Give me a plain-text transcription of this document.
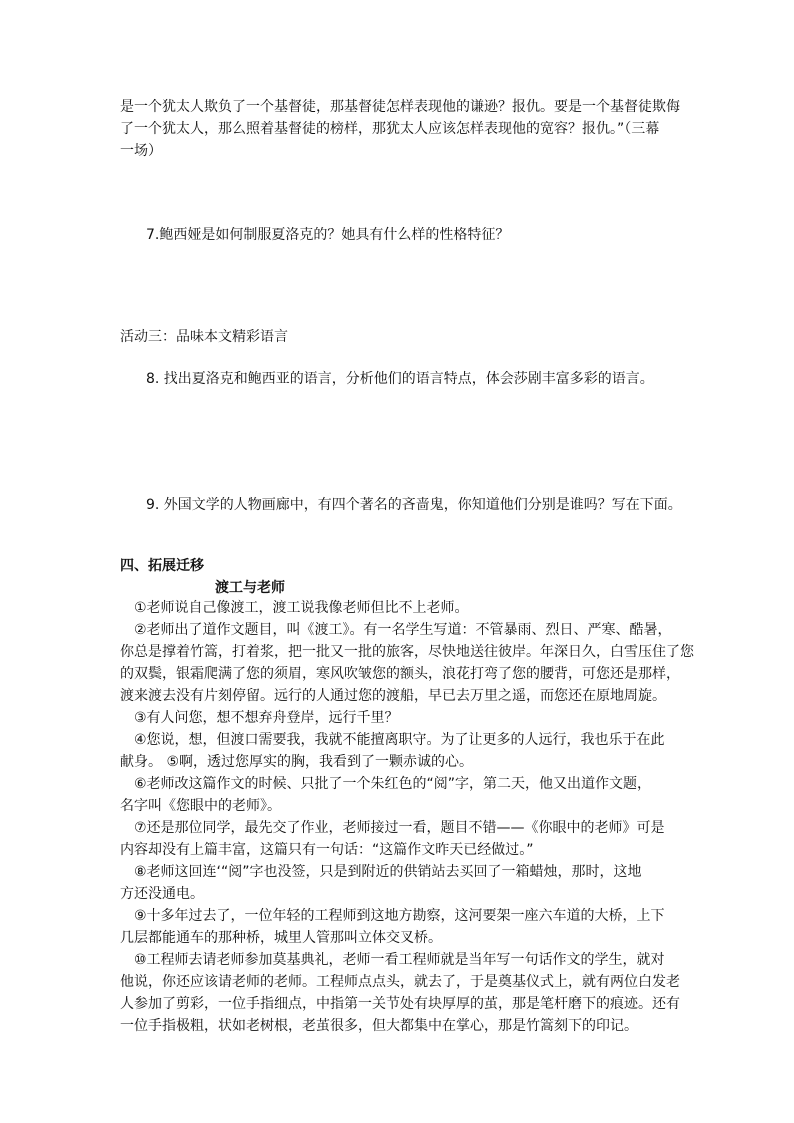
是一个犹太人欺负了一个基督徒，那基督徒怎样表现他的谦逊？报仇。要是一个基督徒欺侮
了一个犹太人，那么照着基督徒的榜样，那犹太人应该怎样表现他的宽容？报仇。”（三幕
一场）
7.鲍西娅是如何制服夏洛克的？她具有什么样的性格特征？
活动三：品味本文精彩语言
8. 找出夏洛克和鲍西亚的语言，分析他们的语言特点，体会莎剧丰富多彩的语言。
9. 外国文学的人物画廊中，有四个著名的吝啬鬼，你知道他们分别是谁吗？写在下面。
四、拓展迁移
渡工与老师
①老师说自己像渡工，渡工说我像老师但比不上老师。
②老师出了道作文题目，叫《渡工》。有一名学生写道：不管暴雨、烈日、严寒、酷暑，
你总是撑着竹篙，打着浆，把一批又一批的旅客，尽快地送往彼岸。年深日久，白雪压住了您
的双鬓，银霜爬满了您的须眉，寒风吹皱您的额头，浪花打弯了您的腰背，可您还是那样，
渡来渡去没有片刻停留。远行的人通过您的渡船，早已去万里之遥，而您还在原地周旋。
③有人问您，想不想弃舟登岸，远行千里？
④您说，想，但渡口需要我，我就不能擅离职守。为了让更多的人远行，我也乐于在此
献身。 ⑤啊，透过您厚实的胸，我看到了一颗赤诚的心。
⑥老师改这篇作文的时候、只批了一个朱红色的“阅”字，第二天，他又出道作文题，
名字叫《您眼中的老师》。
⑦还是那位同学，最先交了作业，老师接过一看，题目不错——《你眼中的老师》可是
内容却没有上篇丰富，这篇只有一句话：“这篇作文昨天已经做过。”
⑧老师这回连‘“阅”字也没签，只是到附近的供销站去买回了一箱蜡烛，那时，这地
方还没通电。
⑨十多年过去了，一位年轻的工程师到这地方勘察，这河要架一座六车道的大桥，上下
几层都能通车的那种桥，城里人管那叫立体交叉桥。
⑩工程师去请老师参加莫基典礼，老师一看工程师就是当年写一句话作文的学生，就对
他说，你还应该请老师的老师。工程师点点头，就去了，于是奠基仪式上，就有两位白发老
人参加了剪彩，一位手指细点，中指第一关节处有块厚厚的茧，那是笔杆磨下的痕迹。还有
一位手指极粗，状如老树根，老茧很多，但大都集中在掌心，那是竹篙刻下的印记。
